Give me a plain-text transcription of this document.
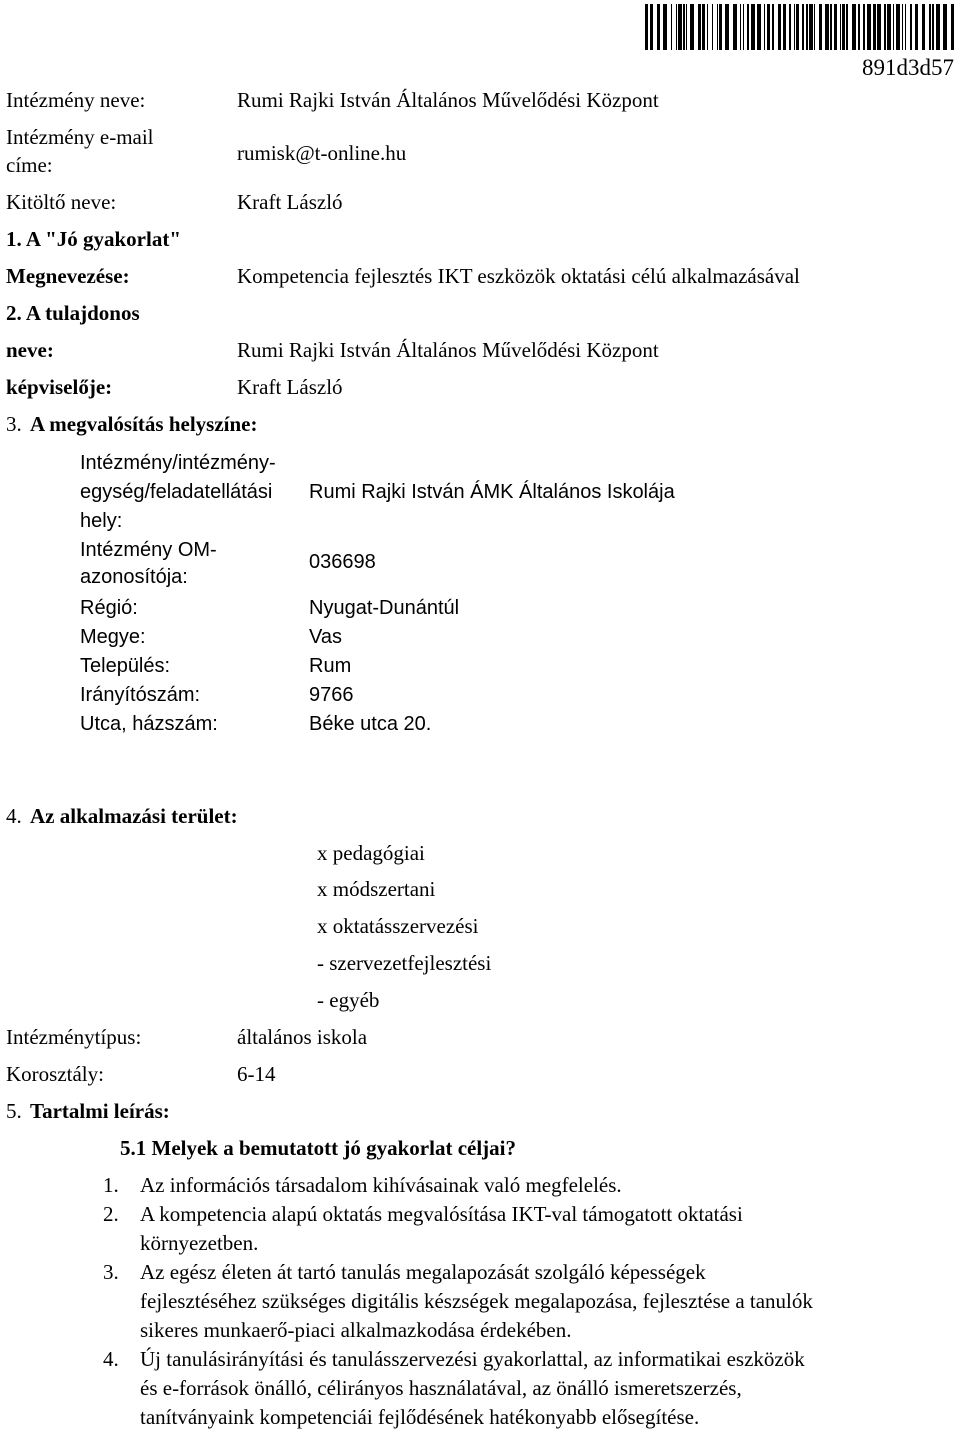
891d3d57
Intézmény neve:	Rumi Rajki István Általános Művelődési Központ
Intézmény e-mail
címe:	rumisk@t-online.hu
Kitöltő neve:	Kraft László
1. A "Jó gyakorlat"
Megnevezése:	Kompetencia fejlesztés IKT eszközök oktatási célú alkalmazásával
2. A tulajdonos
neve:	Rumi Rajki István Általános Művelődési Központ
képviselője:	Kraft László
3. A megvalósítás helyszíne:
Intézmény/intézmény-
egység/feladatellátási
hely:
Rumi Rajki István ÁMK Általános Iskolája
Intézmény OM-
azonosítója:
036698
Régió:	Nyugat-Dunántúl
Megye:	Vas
Település:	Rum
Irányítószám:	9766
Utca, házszám:	Béke utca 20.
4. Az alkalmazási terület:
x pedagógiai
x módszertani
x oktatásszervezési
- szervezetfejlesztési
- egyéb
Intézménytípus:	általános iskola
Korosztály:	6-14
5. Tartalmi leírás:
5.1 Melyek a bemutatott jó gyakorlat céljai?
1. Az információs társadalom kihívásainak való megfelelés.
2. A kompetencia alapú oktatás megvalósítása IKT-val támogatott oktatási
környezetben.
3. Az egész életen át tartó tanulás megalapozását szolgáló képességek
fejlesztéséhez szükséges digitális készségek megalapozása, fejlesztése a tanulók
sikeres munkaerő-piaci alkalmazkodása érdekében.
4. Új tanulásirányítási és tanulásszervezési gyakorlattal, az informatikai eszközök
és e-források önálló, célirányos használatával, az önálló ismeretszerzés,
tanítványaink kompetenciái fejlődésének hatékonyabb elősegítése.
